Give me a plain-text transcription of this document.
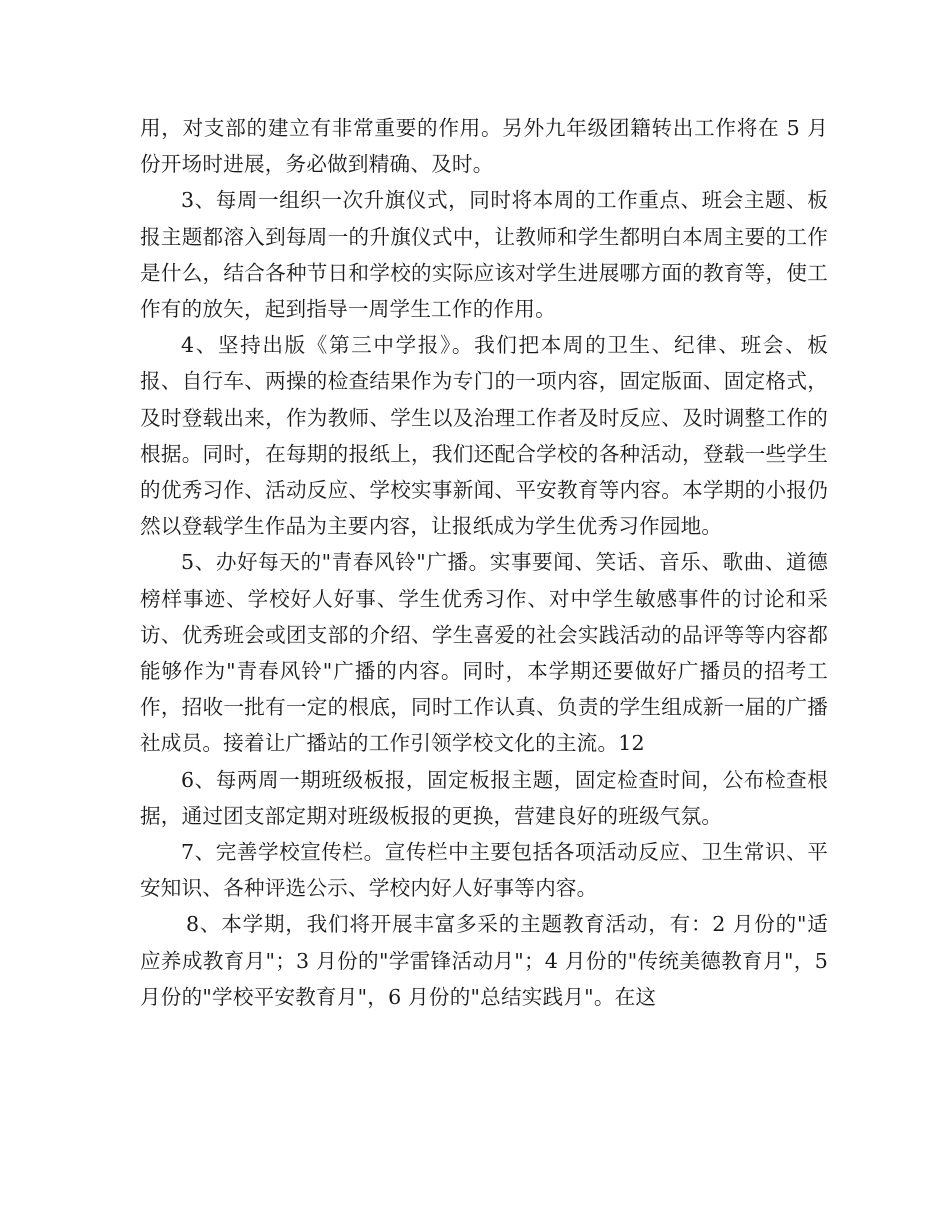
用，对支部的建立有非常重要的作用。另外九年级团籍转出工作将在 5 月份开场时进展，务必做到精确、及时。

3、每周一组织一次升旗仪式，同时将本周的工作重点、班会主题、板报主题都溶入到每周一的升旗仪式中，让教师和学生都明白本周主要的工作是什么，结合各种节日和学校的实际应该对学生进展哪方面的教育等，使工作有的放矢，起到指导一周学生工作的作用。

4、坚持出版《第三中学报》。我们把本周的卫生、纪律、班会、板报、自行车、两操的检查结果作为专门的一项内容，固定版面、固定格式，及时登载出来，作为教师、学生以及治理工作者及时反应、及时调整工作的根据。同时，在每期的报纸上，我们还配合学校的各种活动，登载一些学生的优秀习作、活动反应、学校实事新闻、平安教育等内容。本学期的小报仍然以登载学生作品为主要内容，让报纸成为学生优秀习作园地。

5、办好每天的"青春风铃"广播。实事要闻、笑话、音乐、歌曲、道德榜样事迹、学校好人好事、学生优秀习作、对中学生敏感事件的讨论和采访、优秀班会或团支部的介绍、学生喜爱的社会实践活动的品评等等内容都能够作为"青春风铃"广播的内容。同时，本学期还要做好广播员的招考工作，招收一批有一定的根底，同时工作认真、负责的学生组成新一届的广播社成员。接着让广播站的工作引领学校文化的主流。12

6、每两周一期班级板报，固定板报主题，固定检查时间，公布检查根据，通过团支部定期对班级板报的更换，营建良好的班级气氛。

7、完善学校宣传栏。宣传栏中主要包括各项活动反应、卫生常识、平安知识、各种评选公示、学校内好人好事等内容。

8、本学期，我们将开展丰富多采的主题教育活动，有：2 月份的"适应养成教育月"；3 月份的"学雷锋活动月"；4 月份的"传统美德教育月"，5 月份的"学校平安教育月"，6 月份的"总结实践月"。在这
